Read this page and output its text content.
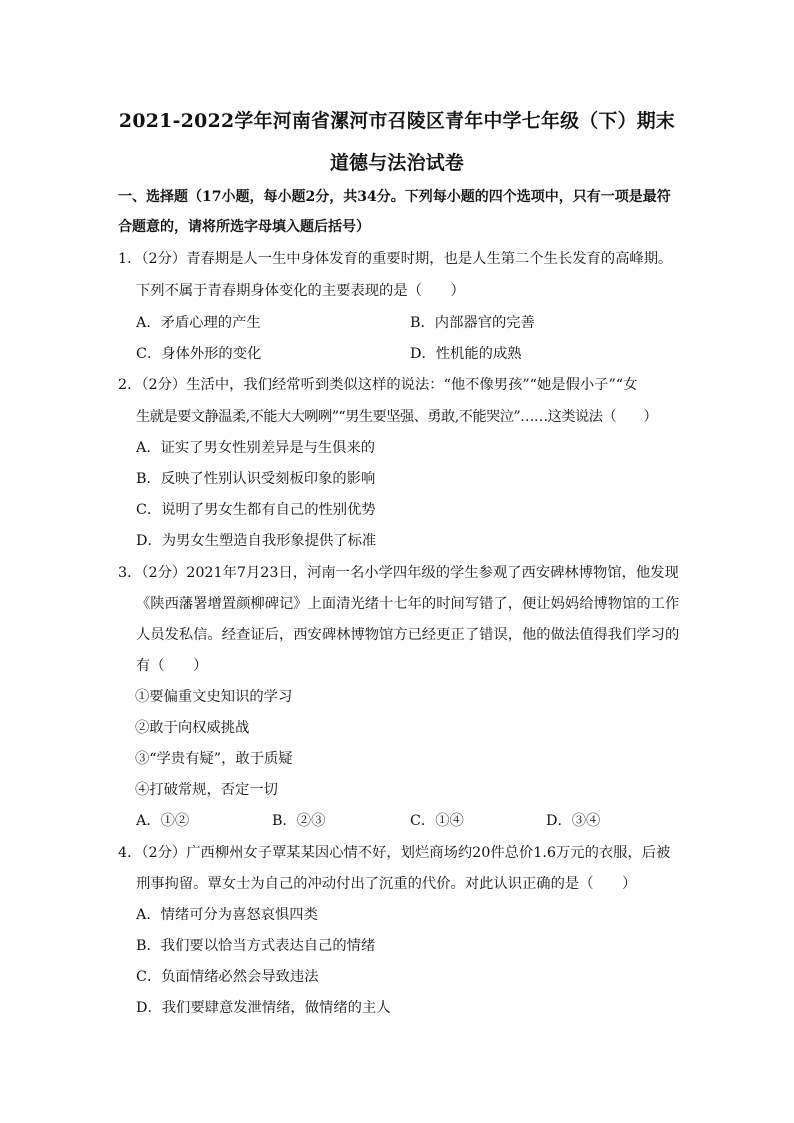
2021-2022学年河南省漯河市召陵区青年中学七年级（下）期末
道德与法治试卷
一、选择题（17小题，每小题2分，共34分。下列每小题的四个选项中，只有一项是最符
合题意的，请将所选字母填入题后括号）
1．（2分）青春期是人一生中身体发育的重要时期，也是人生第二个生长发育的高峰期。
下列不属于青春期身体变化的主要表现的是（　　）
A．矛盾心理的产生	B．内部器官的完善
C．身体外形的变化	D．性机能的成熟
2．（2分）生活中，我们经常听到类似这样的说法：“他不像男孩”“她是假小子”“女
生就是要文静温柔,不能大大咧咧”“男生要坚强、勇敢,不能哭泣”……这类说法（　　）
A．证实了男女性别差异是与生俱来的
B．反映了性别认识受刻板印象的影响
C．说明了男女生都有自己的性别优势
D．为男女生塑造自我形象提供了标准
3．（2分）2021年7月23日，河南一名小学四年级的学生参观了西安碑林博物馆，他发现
《陕西藩署增置颜柳碑记》上面清光绪十七年的时间写错了，便让妈妈给博物馆的工作
人员发私信。经查证后，西安碑林博物馆方已经更正了错误，他的做法值得我们学习的
有（　　）
①要偏重文史知识的学习
②敢于向权威挑战
③“学贵有疑”，敢于质疑
④打破常规，否定一切
A．①②	B．②③	C．①④	D．③④
4．（2分）广西柳州女子覃某某因心情不好，划烂商场约20件总价1.6万元的衣服，后被
刑事拘留。覃女士为自己的冲动付出了沉重的代价。对此认识正确的是（　　）
A．情绪可分为喜怒哀惧四类
B．我们要以恰当方式表达自己的情绪
C．负面情绪必然会导致违法
D．我们要肆意发泄情绪，做情绪的主人
